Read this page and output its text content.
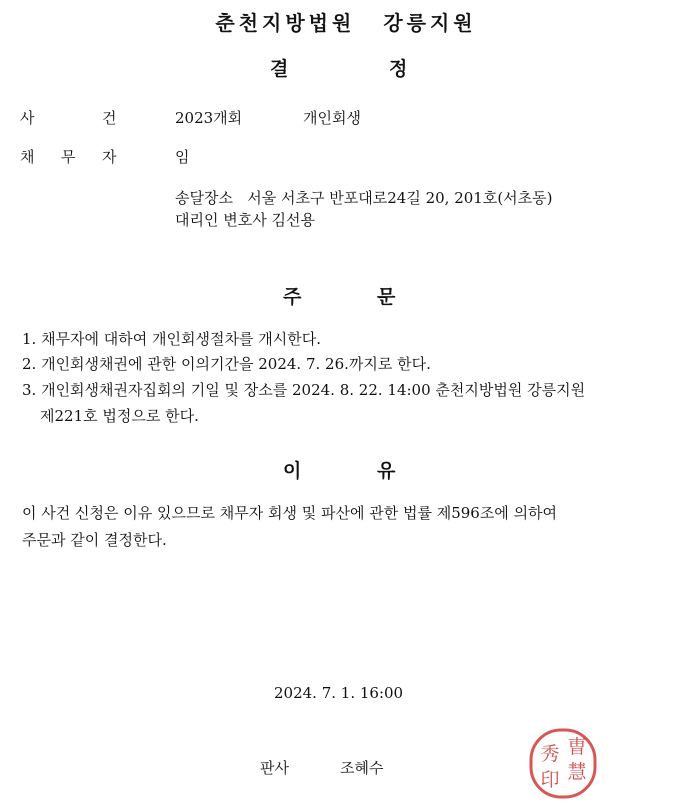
춘천지방법원 강릉지원
결	정
사	건	2023개회	개인회생
채 무 자	임
송달장소 서울 서초구 반포대로24길 20, 201호(서초동)
대리인 변호사 김선용
주	문
1. 채무자에 대하여 개인회생절차를 개시한다.
2. 개인회생채권에 관한 이의기간을 2024. 7. 26.까지로 한다.
3. 개인회생채권자집회의 기일 및 장소를 2024. 8. 22. 14:00 춘천지방법원 강릉지원
제221호 법정으로 한다.
이	유
이 사건 신청은 이유 있으므로 채무자 회생 및 파산에 관한 법률 제596조에 의하여
주문과 같이 결정한다.
2024. 7. 1. 16:00
판사	조혜수
曺
慧
秀
印
